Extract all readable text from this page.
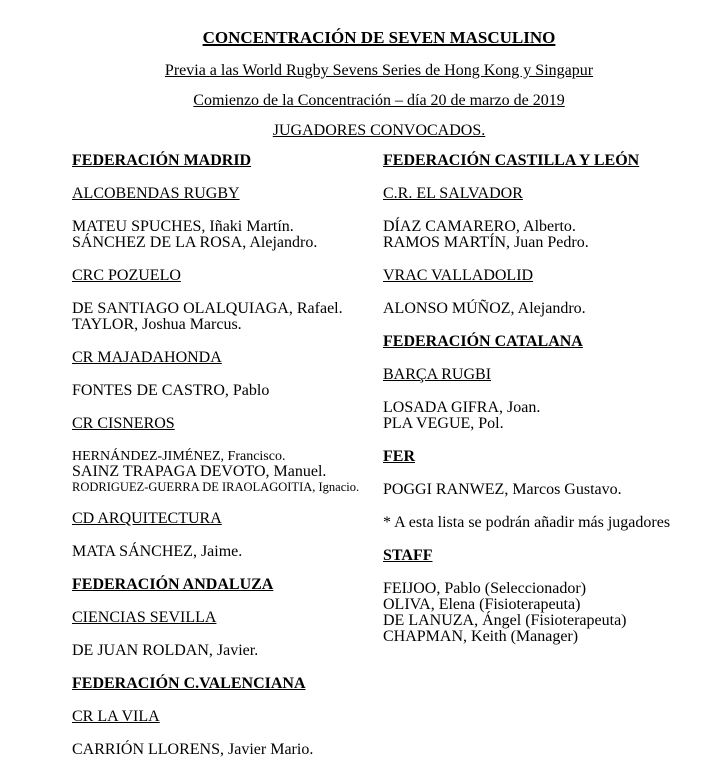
CONCENTRACIÓN DE SEVEN MASCULINO

Previa a las World Rugby Sevens Series de Hong Kong y Singapur

Comienzo de la Concentración – día 20 de marzo de 2019

JUGADORES CONVOCADOS.

FEDERACIÓN MADRID

ALCOBENDAS RUGBY

MATEU SPUCHES, Iñaki Martín.
SÁNCHEZ DE LA ROSA, Alejandro.

CRC POZUELO

DE SANTIAGO OLALQUIAGA, Rafael.
TAYLOR, Joshua Marcus.

CR MAJADAHONDA

FONTES DE CASTRO, Pablo

CR CISNEROS

HERNÁNDEZ-JIMÉNEZ, Francisco.
SAINZ TRAPAGA DEVOTO, Manuel.
RODRIGUEZ-GUERRA DE IRAOLAGOITIA, Ignacio.

CD ARQUITECTURA

MATA SÁNCHEZ, Jaime.

FEDERACIÓN ANDALUZA

CIENCIAS SEVILLA

DE JUAN ROLDAN, Javier.

FEDERACIÓN C.VALENCIANA

CR LA VILA

CARRIÓN LLORENS, Javier Mario.

FEDERACIÓN CASTILLA Y LEÓN

C.R. EL SALVADOR

DÍAZ CAMARERO, Alberto.
RAMOS MARTÍN, Juan Pedro.

VRAC VALLADOLID

ALONSO MÚÑOZ, Alejandro.

FEDERACIÓN CATALANA

BARÇA RUGBI

LOSADA GIFRA, Joan.
PLA VEGUE, Pol.

FER

POGGI RANWEZ, Marcos Gustavo.

* A esta lista se podrán añadir más jugadores

STAFF

FEIJOO, Pablo (Seleccionador)
OLIVA, Elena (Fisioterapeuta)
DE LANUZA, Ángel (Fisioterapeuta)
CHAPMAN, Keith (Manager)
